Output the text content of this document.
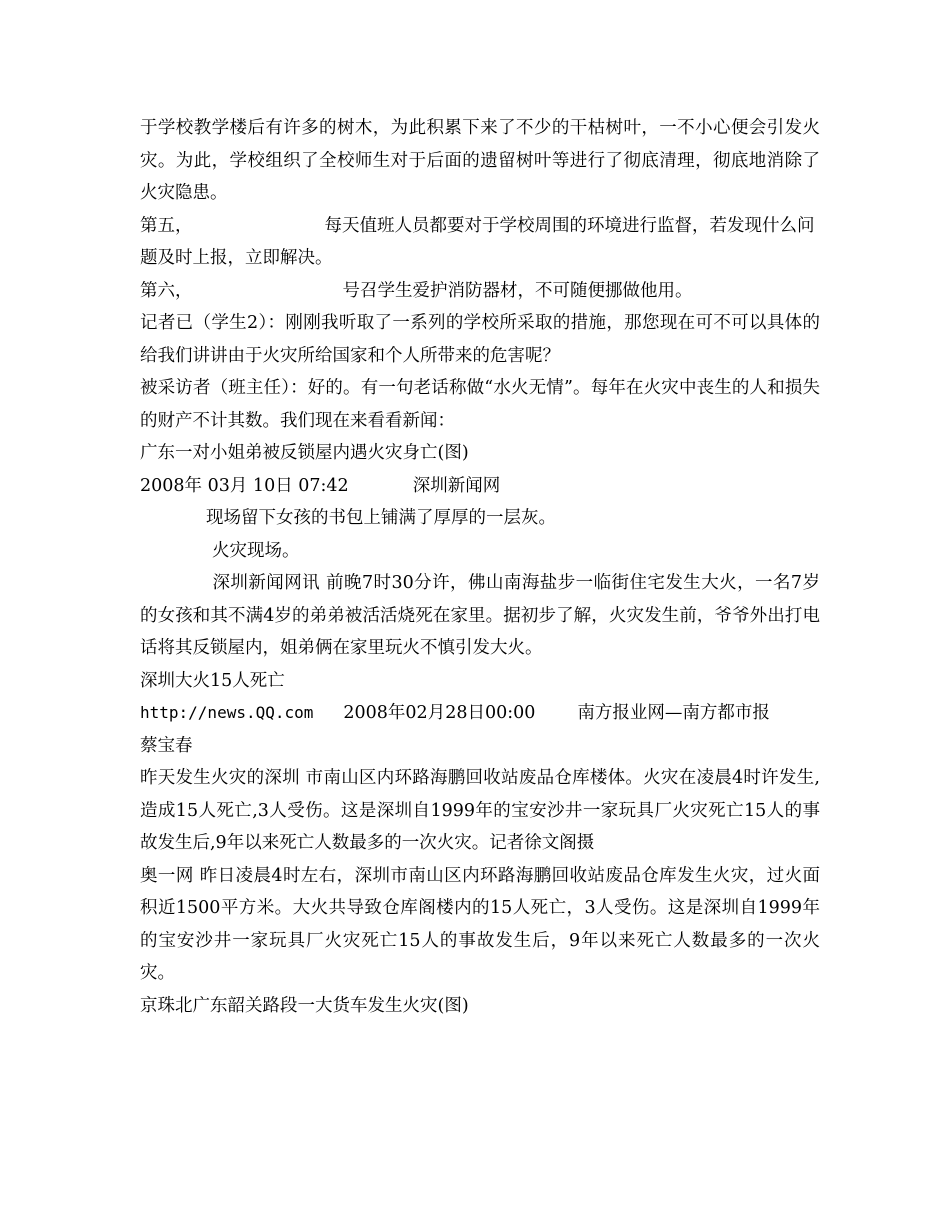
于学校教学楼后有许多的树木，为此积累下来了不少的干枯树叶，一不小心便会引发火灾。为此，学校组织了全校师生对于后面的遗留树叶等进行了彻底清理，彻底地消除了火灾隐患。

第五，	每天值班人员都要对于学校周围的环境进行监督，若发现什么问题及时上报，立即解决。

第六，	号召学生爱护消防器材，不可随便挪做他用。

记者已（学生2）：刚刚我听取了一系列的学校所采取的措施，那您现在可不可以具体的给我们讲讲由于火灾所给国家和个人所带来的危害呢？

被采访者（班主任）：好的。有一句老话称做“水火无情”。每年在火灾中丧生的人和损失的财产不计其数。我们现在来看看新闻：

广东一对小姐弟被反锁屋内遇火灾身亡(图)

2008年 03月 10日 07:42	深圳新闻网

现场留下女孩的书包上铺满了厚厚的一层灰。

火灾现场。

深圳新闻网讯 前晚7时30分许，佛山南海盐步一临街住宅发生大火，一名7岁的女孩和其不满4岁的弟弟被活活烧死在家里。据初步了解，火灾发生前，爷爷外出打电话将其反锁屋内，姐弟俩在家里玩火不慎引发大火。

深圳大火15人死亡

http://news.QQ.com 2008年02月28日00:00 南方报业网—南方都市报

蔡宝春

昨天发生火灾的深圳 市南山区内环路海鹏回收站废品仓库楼体。火灾在凌晨4时许发生,造成15人死亡,3人受伤。这是深圳自1999年的宝安沙井一家玩具厂火灾死亡15人的事故发生后,9年以来死亡人数最多的一次火灾。记者徐文阁摄

奥一网 昨日凌晨4时左右，深圳市南山区内环路海鹏回收站废品仓库发生火灾，过火面积近1500平方米。大火共导致仓库阁楼内的15人死亡，3人受伤。这是深圳自1999年的宝安沙井一家玩具厂火灾死亡15人的事故发生后，9年以来死亡人数最多的一次火灾。

京珠北广东韶关路段一大货车发生火灾(图)
